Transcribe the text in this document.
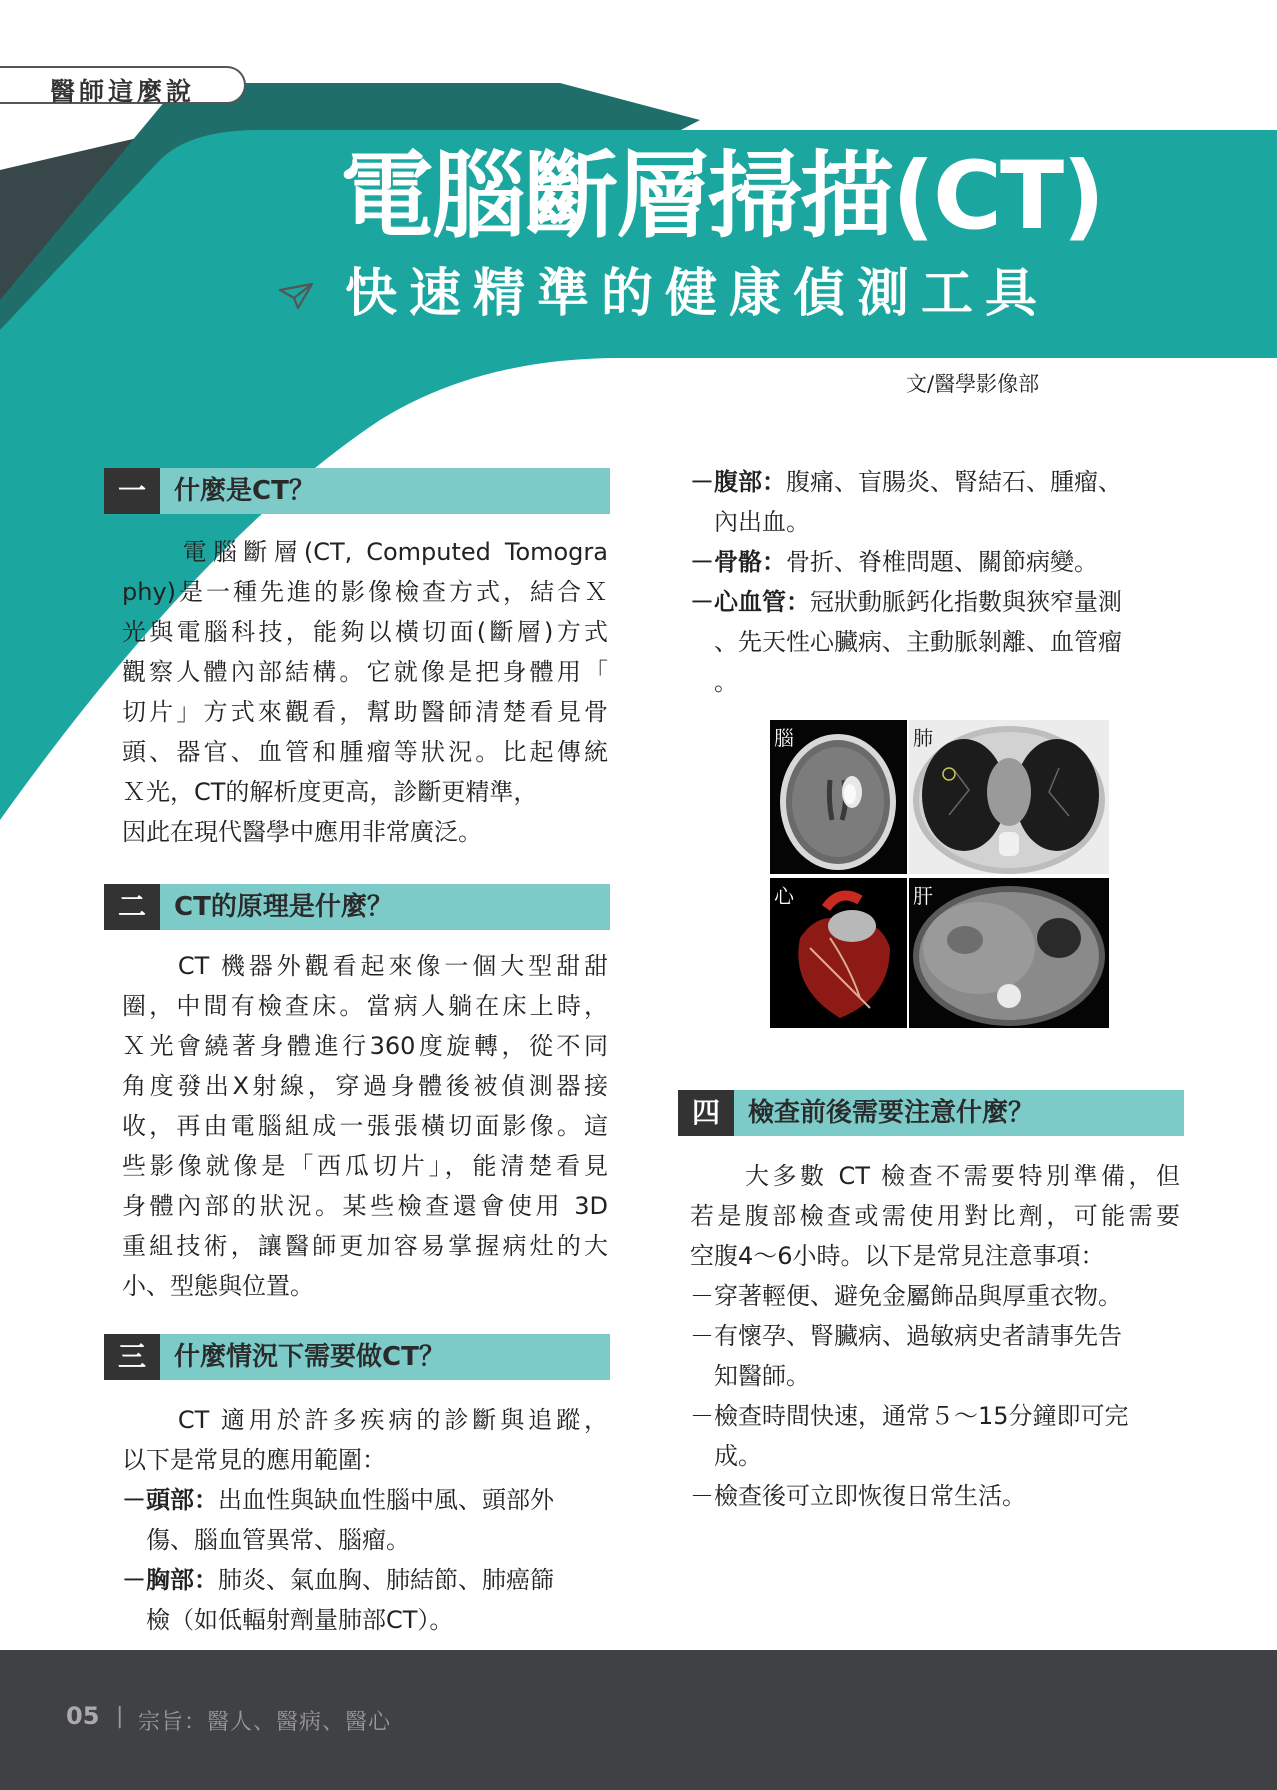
醫師這麼說
電腦斷層掃描(CT)
快速精準的健康偵測工具
文/醫學影像部
一	什麼是CT？
　　電腦斷層(CT, Computed Tomogra
phy)是一種先進的影像檢查方式，結合Ｘ
光與電腦科技，能夠以橫切面(斷層)方式
觀察人體內部結構。它就像是把身體用「
切片」方式來觀看，幫助醫師清楚看見骨
頭、器官、血管和腫瘤等狀況。比起傳統
Ｘ光，CT的解析度更高，診斷更精準，
因此在現代醫學中應用非常廣泛。
二	CT的原理是什麼？
　　CT 機器外觀看起來像一個大型甜甜
圈，中間有檢查床。當病人躺在床上時，
Ｘ光會繞著身體進行360度旋轉，從不同
角度發出X射線，穿過身體後被偵測器接
收，再由電腦組成一張張橫切面影像。這
些影像就像是「西瓜切片」，能清楚看見
身體內部的狀況。某些檢查還會使用 3D
重組技術，讓醫師更加容易掌握病灶的大
小、型態與位置。
三	什麼情況下需要做CT？
　　CT 適用於許多疾病的診斷與追蹤，
以下是常見的應用範圍：
－頭部：出血性與缺血性腦中風、頭部外
傷、腦血管異常、腦瘤。
－胸部：肺炎、氣血胸、肺結節、肺癌篩
檢（如低輻射劑量肺部CT）。
－腹部：腹痛、盲腸炎、腎結石、腫瘤、
內出血。
－骨骼：骨折、脊椎問題、關節病變。
－心血管：冠狀動脈鈣化指數與狹窄量測
、先天性心臟病、主動脈剝離、血管瘤
。
腦	肺
心	肝
四	檢查前後需要注意什麼？
　　大多數 CT 檢查不需要特別準備，但
若是腹部檢查或需使用對比劑，可能需要
空腹4～6小時。以下是常見注意事項：
－穿著輕便、避免金屬飾品與厚重衣物。
－有懷孕、腎臟病、過敏病史者請事先告
知醫師。
－檢查時間快速，通常５～15分鐘即可完
成。
－檢查後可立即恢復日常生活。
05 | 宗旨：醫人、醫病、醫心
